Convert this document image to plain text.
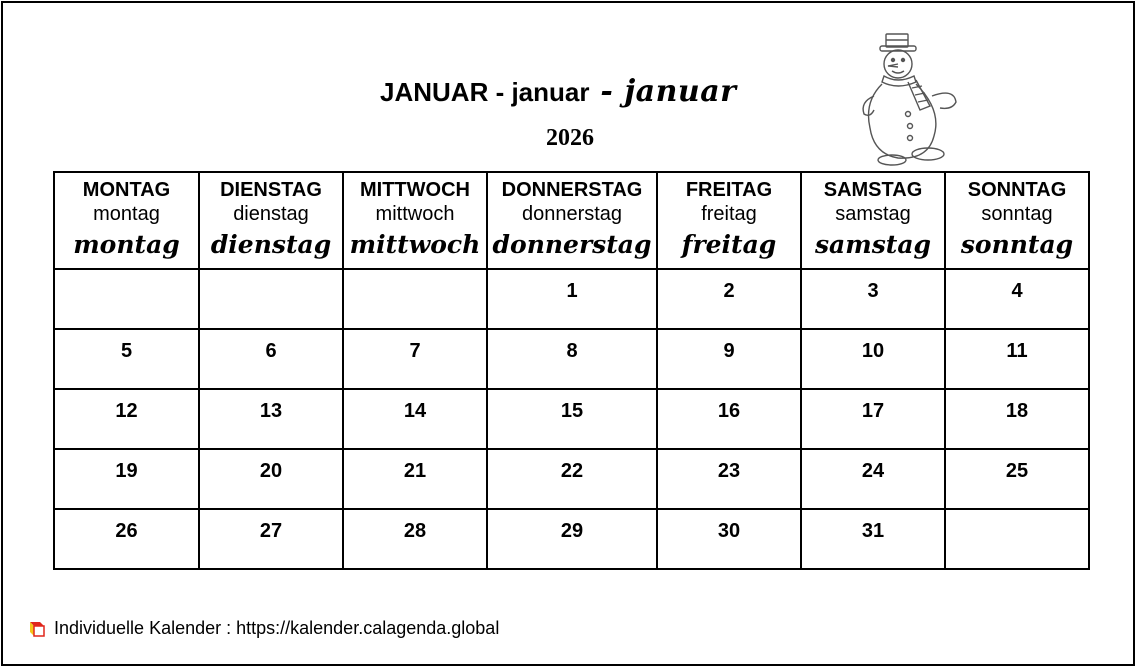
JANUAR - januar - januar
2026
MONTAG
montag
montag	DIENSTAG
dienstag
dienstag	MITTWOCH
mittwoch
mittwoch	DONNERSTAG
donnerstag
donnerstag	FREITAG
freitag
freitag	SAMSTAG
samstag
samstag	SONNTAG
sonntag
sonntag

			1	2	3	4

5	6	7	8	9	10	11

12	13	14	15	16	17	18

19	20	21	22	23	24	25

26	27	28	29	30	31	

Individuelle Kalender : https://kalender.calagenda.global
